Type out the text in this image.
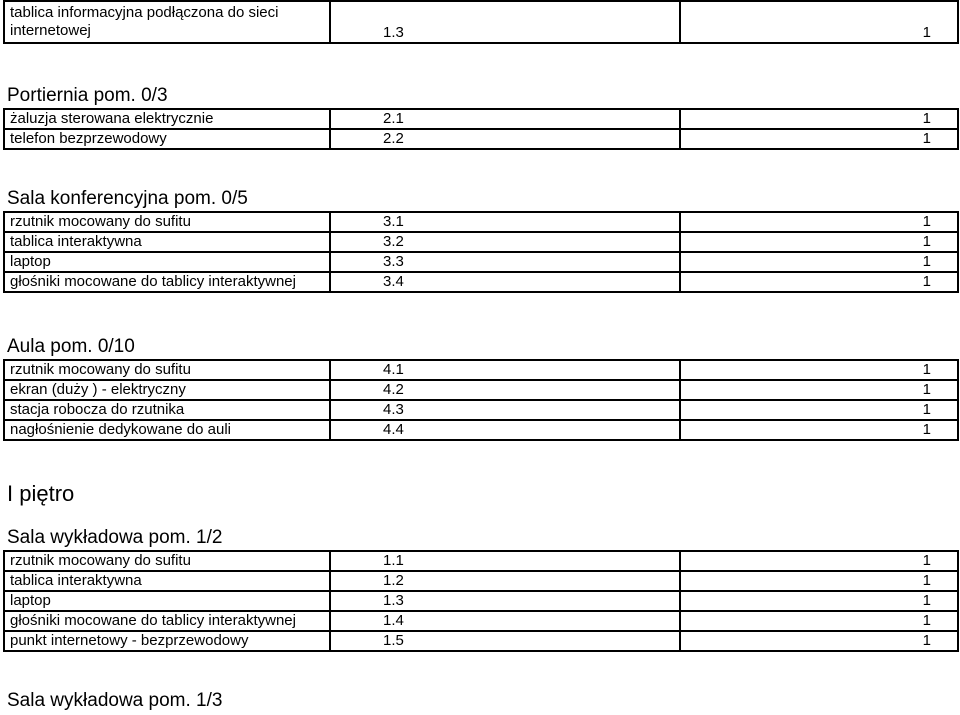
tablica informacyjna podłączona do sieci
internetowej	1.3	1
Portiernia pom. 0/3
żaluzja sterowana elektrycznie	2.1	1
telefon bezprzewodowy	2.2	1
Sala konferencyjna pom. 0/5
rzutnik mocowany do sufitu	3.1	1
tablica interaktywna	3.2	1
laptop	3.3	1
głośniki mocowane do tablicy interaktywnej	3.4	1
Aula pom. 0/10
rzutnik mocowany do sufitu	4.1	1
ekran (duży ) - elektryczny	4.2	1
stacja robocza do rzutnika	4.3	1
nagłośnienie dedykowane do auli	4.4	1
I piętro
Sala wykładowa pom. 1/2
rzutnik mocowany do sufitu	1.1	1
tablica interaktywna	1.2	1
laptop	1.3	1
głośniki mocowane do tablicy interaktywnej	1.4	1
punkt internetowy - bezprzewodowy	1.5	1
Sala wykładowa pom. 1/3
